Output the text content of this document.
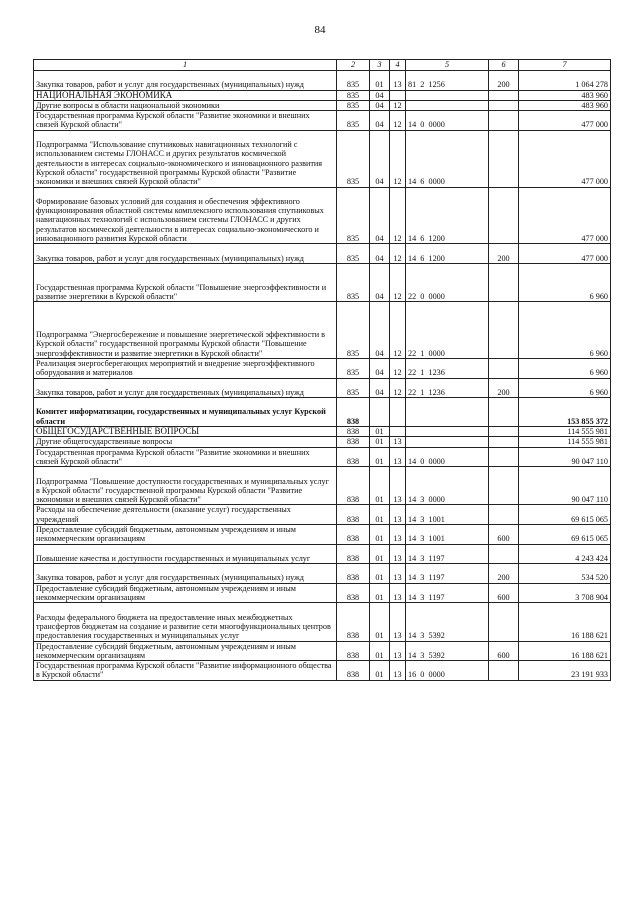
84
1	2	3	4	5	6	7
Закупка товаров, работ и услуг для государственных (муниципальных) нужд	835	01	13	81  2  1256	200	1 064 278
НАЦИОНАЛЬНАЯ ЭКОНОМИКА	835	04				483 960
Другие вопросы в области национальной экономики	835	04	12			483 960
Государственная программа Курской области "Развитие экономики и внешних связей Курской области"	835	04	12	14  0  0000		477 000
Подпрограмма "Использование спутниковых навигационных технологий с использованием системы ГЛОНАСС и других результатов космической деятельности в интересах социально-экономического и инновационного развития Курской области" государственной программы Курской области "Развитие экономики и внешних связей Курской области"	835	04	12	14  6  0000		477 000
Формирование базовых условий для создания и обеспечения эффективного функционирования областной системы комплексного использования спутниковых навигационных технологий с использованием системы ГЛОНАСС и других результатов космической деятельности в интересах социально-экономического и инновационного развития Курской области	835	04	12	14  6  1200		477 000
Закупка товаров, работ и услуг для государственных (муниципальных) нужд	835	04	12	14  6  1200	200	477 000
Государственная программа Курской области "Повышение энергоэффективности и развитие энергетики в Курской области"	835	04	12	22  0  0000		6 960
Подпрограмма "Энергосбережение и повышение энергетической эффективности в Курской области" государственной программы Курской области "Повышение энергоэффективности и развитие энергетики в Курской области"	835	04	12	22  1  0000		6 960
Реализация энергосберегающих мероприятий и внедрение энергоэффективного оборудования и материалов	835	04	12	22  1  1236		6 960
Закупка товаров, работ и услуг для государственных (муниципальных) нужд	835	04	12	22  1  1236	200	6 960
Комитет информатизации, государственных и муниципальных услуг Курской области	838					153 855 372
ОБЩЕГОСУДАРСТВЕННЫЕ ВОПРОСЫ	838	01				114 555 981
Другие общегосударственные вопросы	838	01	13			114 555 981
Государственная программа Курской области "Развитие экономики и внешних связей Курской области"	838	01	13	14  0  0000		90 047 110
Подпрограмма "Повышение доступности государственных и муниципальных услуг в Курской области" государственной программы Курской области "Развитие экономики и внешних связей Курской области"	838	01	13	14  3  0000		90 047 110
Расходы на обеспечение деятельности (оказание услуг) государственных учреждений	838	01	13	14  3  1001		69 615 065
Предоставление субсидий бюджетным, автономным учреждениям и иным некоммерческим организациям	838	01	13	14  3  1001	600	69 615 065
Повышение качества и доступности государственных и муниципальных услуг	838	01	13	14  3  1197		4 243 424
Закупка товаров, работ и услуг для государственных (муниципальных) нужд	838	01	13	14  3  1197	200	534 520
Предоставление субсидий бюджетным, автономным учреждениям и иным некоммерческим организациям	838	01	13	14  3  1197	600	3 708 904
Расходы федерального бюджета на предоставление иных межбюджетных трансфертов бюджетам на создание и развитие сети многофункциональных центров предоставления государственных и муниципальных услуг	838	01	13	14  3  5392		16 188 621
Предоставление субсидий бюджетным, автономным учреждениям и иным некоммерческим организациям	838	01	13	14  3  5392	600	16 188 621
Государственная программа Курской области "Развитие информационного общества в Курской области"	838	01	13	16  0  0000		23 191 933
